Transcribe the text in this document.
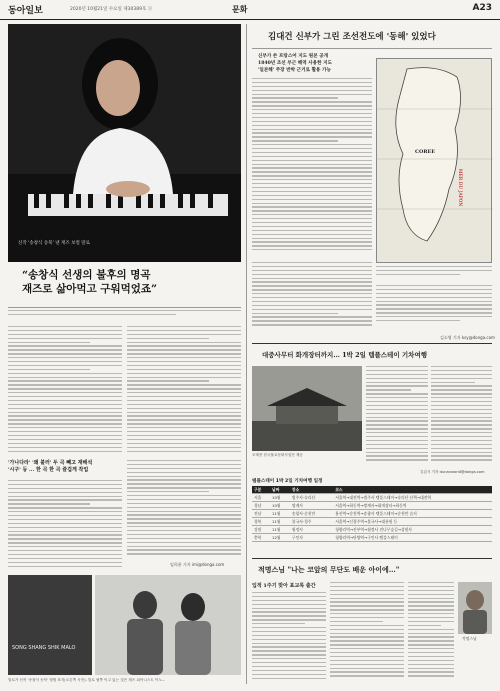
동아일보	2020년 10월21일 수요일 제30389호 ⓐ	문화	A23
신작 '송창식 송북' 낸 재즈 보컬 말로
“송창식 선생의 불후의 명곡
재즈로 삶아먹고 구워먹었죠”
'가나다라' '왜 불러' 두 곡 빼고 재해석
'시구' 등 ... 한 곡 한 곡 즐겁게 작업
임희윤 기자 imi@donga.com
SONG SHANG SHIK MALO
말로가 신작 '송창식 송북' 앨범 표지(오른쪽 사진). 말로 뒷쪽 이고 있는 것은 재즈 피아니스트 이노...
김대건 신부가 그린 조선전도에 '동해' 있었다
신부가 쓴 프랑스어 지도 원본 공개
1840년 조선 부근 해역 사용한 지도
'일본해' 주장 반박 근거로 활용 가능
COREE
MER DU JAPON
김소영 기자 ksy@donga.com
대중사무터 화개장터까지… 1박 2일 템플스테이 기차여행
조계종 한국불교문화사업단 제공
김갑식 기자 dunanworld@donga.com
템플스테이 1박 2일 기차여행 일정
구분	날짜	장소	코스
서울	10월	법주사·속리산	서울역→대전역→법주사 템플스테이→속리산 산책→대전역
경남	10월	쌍계사	서울역→하동역→쌍계사→화개장터→하동역
전남	11월	송광사·순천만	용산역→순천역→송광사 템플스테이→순천만 습지
경북	11월	불국사·경주	서울역→신경주역→불국사→대릉원 등
강원	11월	월정사	청량리역→진부역→월정사 전나무숲길→상원사
충북	12월	구인사	청량리역→단양역→구인사 템플스테이
적명스님 "나는 코앞의 무단도 배운 아이에…"
입적 1주기 맞아 표교록 출간
적명스님
